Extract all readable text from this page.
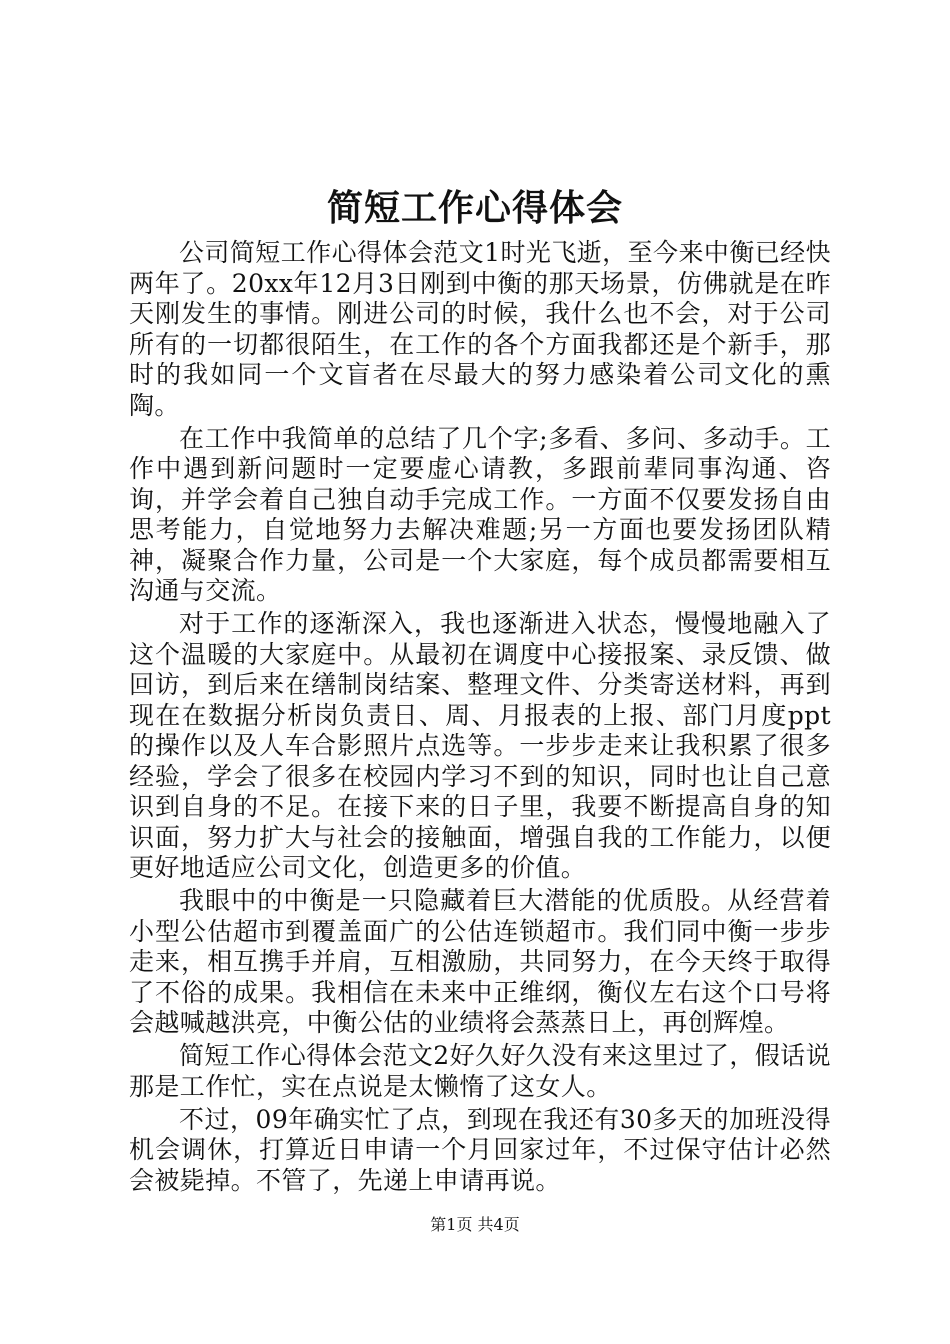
简短工作心得体会

公司简短工作心得体会范文1时光飞逝，至今来中衡已经快两年了。20xx年12月3日刚到中衡的那天场景，仿佛就是在昨天刚发生的事情。刚进公司的时候，我什么也不会，对于公司所有的一切都很陌生，在工作的各个方面我都还是个新手，那时的我如同一个文盲者在尽最大的努力感染着公司文化的熏陶。

在工作中我简单的总结了几个字;多看、多问、多动手。工作中遇到新问题时一定要虚心请教，多跟前辈同事沟通、咨询，并学会着自己独自动手完成工作。一方面不仅要发扬自由思考能力，自觉地努力去解决难题;另一方面也要发扬团队精神，凝聚合作力量，公司是一个大家庭，每个成员都需要相互沟通与交流。

对于工作的逐渐深入，我也逐渐进入状态，慢慢地融入了这个温暖的大家庭中。从最初在调度中心接报案、录反馈、做回访，到后来在缮制岗结案、整理文件、分类寄送材料，再到现在在数据分析岗负责日、周、月报表的上报、部门月度ppt的操作以及人车合影照片点选等。一步步走来让我积累了很多经验，学会了很多在校园内学习不到的知识，同时也让自己意识到自身的不足。在接下来的日子里，我要不断提高自身的知识面，努力扩大与社会的接触面，增强自我的工作能力，以便更好地适应公司文化，创造更多的价值。

我眼中的中衡是一只隐藏着巨大潜能的优质股。从经营着小型公估超市到覆盖面广的公估连锁超市。我们同中衡一步步走来，相互携手并肩，互相激励，共同努力，在今天终于取得了不俗的成果。我相信在未来中正维纲，衡仪左右这个口号将会越喊越洪亮，中衡公估的业绩将会蒸蒸日上，再创辉煌。

简短工作心得体会范文2好久好久没有来这里过了，假话说那是工作忙，实在点说是太懒惰了这女人。

不过，09年确实忙了点，到现在我还有30多天的加班没得机会调休，打算近日申请一个月回家过年，不过保守估计必然会被毙掉。不管了，先递上申请再说。

第1页 共4页
